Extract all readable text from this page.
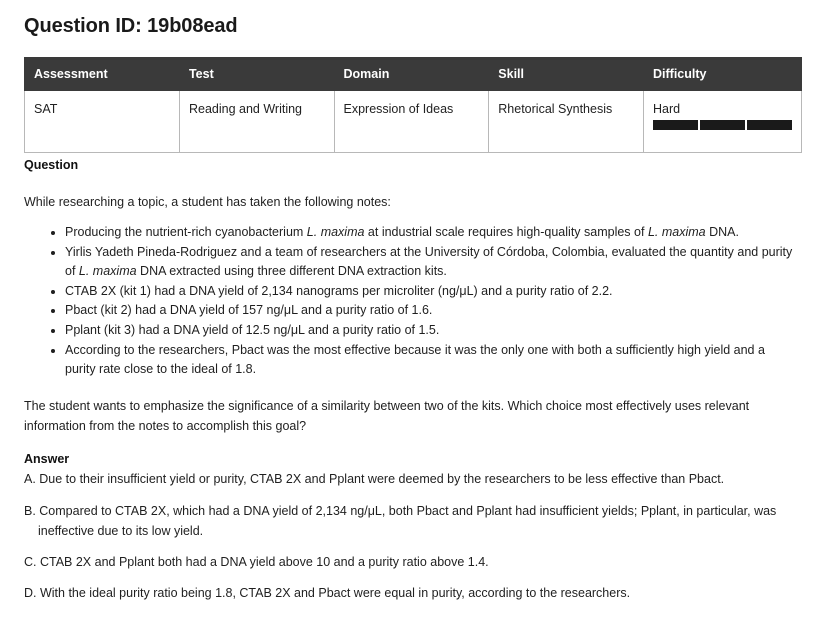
Question ID: 19b08ead
Assessment	Test	Domain	Skill	Difficulty
SAT	Reading and Writing	Expression of Ideas	Rhetorical Synthesis	Hard
Question
While researching a topic, a student has taken the following notes:
• Producing the nutrient-rich cyanobacterium L. maxima at industrial scale requires high-quality samples of L. maxima DNA.
• Yirlis Yadeth Pineda-Rodriguez and a team of researchers at the University of Córdoba, Colombia, evaluated the quantity and purity of L. maxima DNA extracted using three different DNA extraction kits.
• CTAB 2X (kit 1) had a DNA yield of 2,134 nanograms per microliter (ng/μL) and a purity ratio of 2.2.
• Pbact (kit 2) had a DNA yield of 157 ng/μL and a purity ratio of 1.6.
• Pplant (kit 3) had a DNA yield of 12.5 ng/μL and a purity ratio of 1.5.
• According to the researchers, Pbact was the most effective because it was the only one with both a sufficiently high yield and a purity rate close to the ideal of 1.8.
The student wants to emphasize the significance of a similarity between two of the kits. Which choice most effectively uses relevant information from the notes to accomplish this goal?
Answer
A. Due to their insufficient yield or purity, CTAB 2X and Pplant were deemed by the researchers to be less effective than Pbact.
B. Compared to CTAB 2X, which had a DNA yield of 2,134 ng/μL, both Pbact and Pplant had insufficient yields; Pplant, in particular, was ineffective due to its low yield.
C. CTAB 2X and Pplant both had a DNA yield above 10 and a purity ratio above 1.4.
D. With the ideal purity ratio being 1.8, CTAB 2X and Pbact were equal in purity, according to the researchers.
